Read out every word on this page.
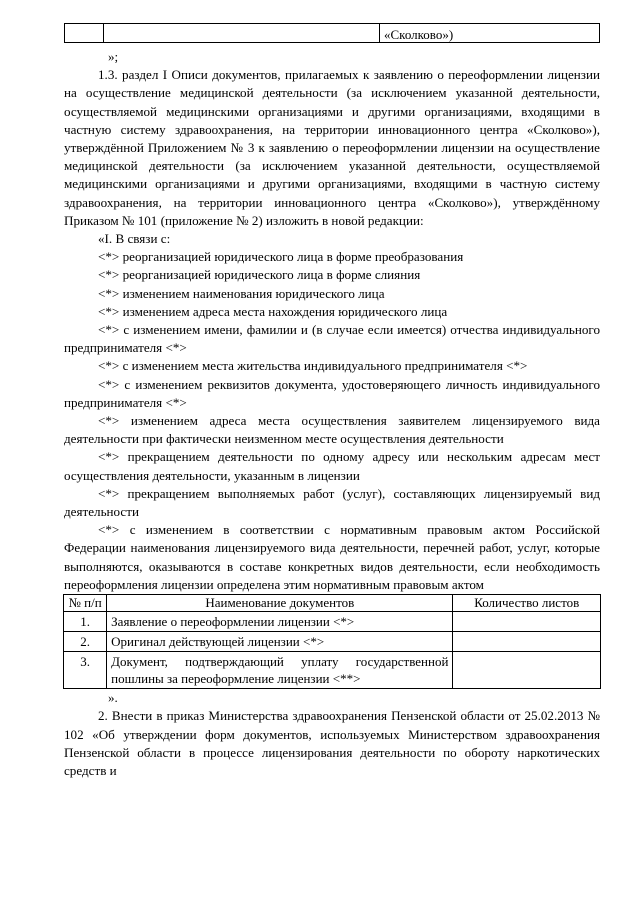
		«Сколково»)

»;

1.3. раздел I Описи документов, прилагаемых к заявлению о переоформлении лицензии на осуществление медицинской деятельности (за исключением указанной деятельности, осуществляемой медицинскими организациями и другими организациями, входящими в частную систему здравоохранения, на территории инновационного центра «Сколково»), утверждённой Приложением № 3 к заявлению о переоформлении лицензии на осуществление медицинской деятельности (за исключением указанной деятельности, осуществляемой медицинскими организациями и другими организациями, входящими в частную систему здравоохранения, на территории инновационного центра «Сколково»), утверждённому Приказом № 101 (приложение № 2) изложить в новой редакции:

«I. В связи с:

<*> реорганизацией юридического лица в форме преобразования

<*> реорганизацией юридического лица в форме слияния

<*> изменением наименования юридического лица

<*> изменением адреса места нахождения юридического лица

<*> с изменением имени, фамилии и (в случае если имеется) отчества индивидуального предпринимателя <*>

<*> с изменением места жительства индивидуального предпринимателя <*>

<*> с изменением реквизитов документа, удостоверяющего личность индивидуального предпринимателя <*>

<*> изменением адреса места осуществления заявителем лицензируемого вида деятельности при фактически неизменном месте осуществления деятельности

<*> прекращением деятельности по одному адресу или нескольким адресам мест осуществления деятельности, указанным в лицензии

<*> прекращением выполняемых работ (услуг), составляющих лицензируемый вид деятельности

<*> с изменением в соответствии с нормативным правовым актом Российской Федерации наименования лицензируемого вида деятельности, перечней работ, услуг, которые выполняются, оказываются в составе конкретных видов деятельности, если необходимость переоформления лицензии определена этим нормативным правовым актом

№ п/п	Наименование документов	Количество листов
1.	Заявление о переоформлении лицензии <*>	
2.	Оригинал действующей лицензии <*>	
3.	Документ, подтверждающий уплату государственной пошлины за переоформление лицензии <**>	

».

2. Внести в приказ Министерства здравоохранения Пензенской области от 25.02.2013 № 102 «Об утверждении форм документов, используемых Министерством здравоохранения Пензенской области в процессе лицензирования деятельности по обороту наркотических средств и
